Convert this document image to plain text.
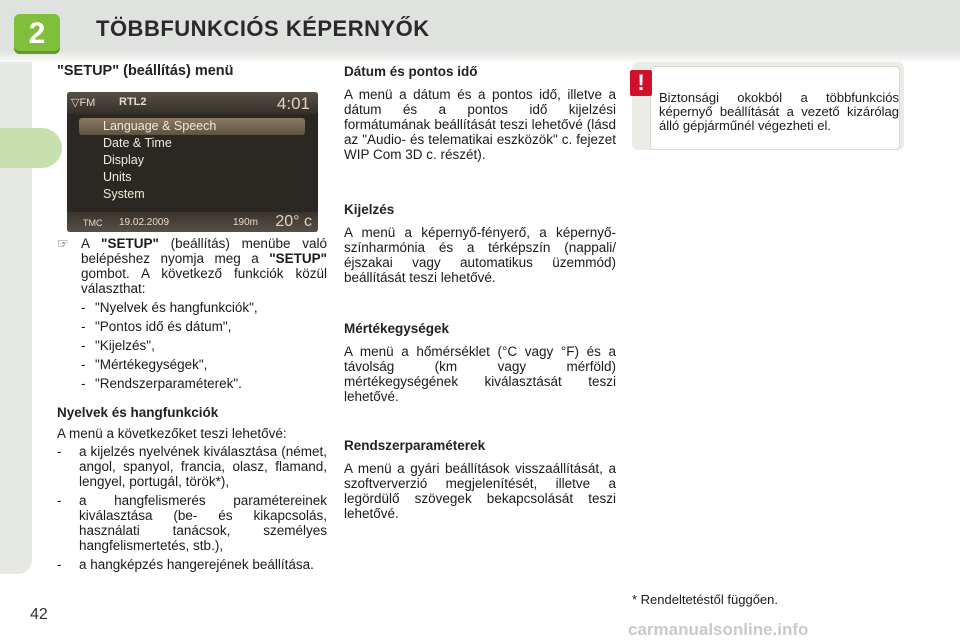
2	TÖBBFUNKCIÓS KÉPERNYŐK
"SETUP" (beállítás) menü
▽FM RTL2	4:01
Language & Speech
Date & Time
Display
Units
System
TMC 19.02.2009	190m 20° c

☞ A "SETUP" (beállítás) menübe való belépéshez nyomja meg a "SETUP" gombot. A következő funkciók közül választhat:

- "Nyelvek és hangfunkciók",
- "Pontos idő és dátum",
- "Kijelzés",
- "Mértékegységek",
- "Rendszerparaméterek".
Nyelvek és hangfunkciók

A menü a következőket teszi lehetővé:

- a kijelzés nyelvének kiválasztása (német, angol, spanyol, francia, olasz, flamand, lengyel, portugál, török*),
- a hangfelismerés paramétereinek kiválasztása (be- és kikapcsolás, használati tanácsok, személyes hangfelismertetés, stb.),
- a hangképzés hangerejének beállítása.
Dátum és pontos idő

A menü a dátum és a pontos idő, illetve a dátum és a pontos idő kijelzési formátumának beállítását teszi lehetővé (lásd az "Audio- és telematikai eszközök" c. fejezet WIP Com 3D c. részét).

Kijelzés

A menü a képernyő-fényerő, a képernyő-színharmónia és a térképszín (nappali/éjszakai vagy automatikus üzemmód) beállítását teszi lehetővé.

Mértékegységek

A menü a hőmérséklet (°C vagy °F) és a távolság (km vagy mérföld) mértékegységének kiválasztását teszi lehetővé.

Rendszerparaméterek

A menü a gyári beállítások visszaállítását, a szoftververzió megjelenítését, illetve a legördülő szövegek bekapcsolását teszi lehetővé.

!
Biztonsági okokból a többfunkciós képernyő beállítását a vezető kizárólag álló gépjárműnél végezheti el.
* Rendeltetéstől függően.
42
carmanualsonline.info
